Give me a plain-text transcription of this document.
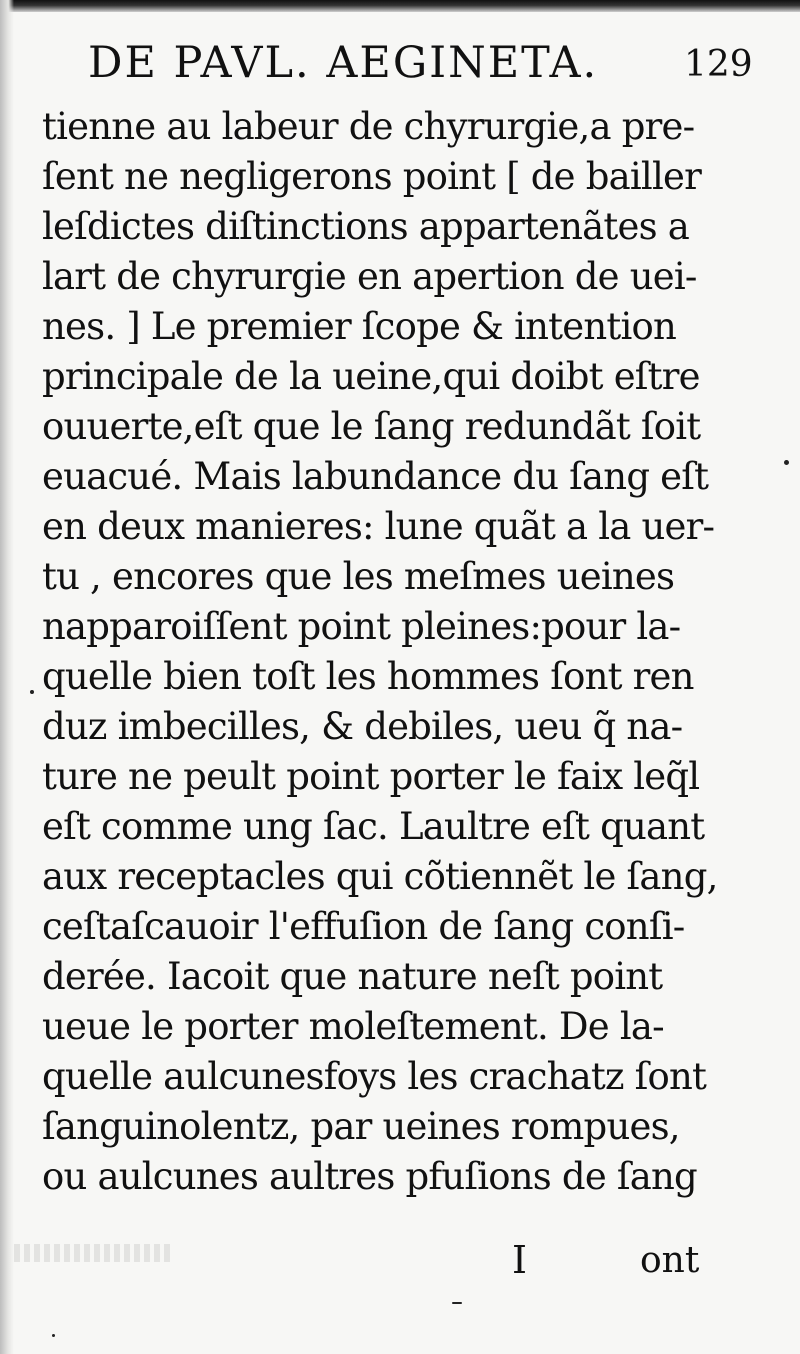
DE PAVL. AEGINETA.	129
tienne au labeur de chyrurgie,a pre-
ſent ne negligerons point [ de bailler
leſdictes diſtinctions appartenãtes a
lart de chyrurgie en apertion de uei-
nes. ] Le premier ſcope & intention
principale de la ueine,qui doibt eſtre
ouuerte,eſt que le ſang redundãt ſoit
euacué. Mais labundance du ſang eſt
en deux manieres: lune quãt a la uer-
tu , encores que les meſmes ueines
napparoiſſent point pleines:pour la-
quelle bien toſt les hommes ſont ren
duz imbecilles, & debiles, ueu q̃ na-
ture ne peult point porter le faix leq̃l
eſt comme ung ſac. Laultre eſt quant
aux receptacles qui cõtiennẽt le ſang,
ceſtaſcauoir l'effuſion de ſang conſi-
derée. Iacoit que nature neſt point
ueue le porter moleſtement. De la-
quelle aulcunesfoys les crachatz ſont
ſanguinolentz, par ueines rompues,
ou aulcunes aultres pfuſions de ſang
I	ont
